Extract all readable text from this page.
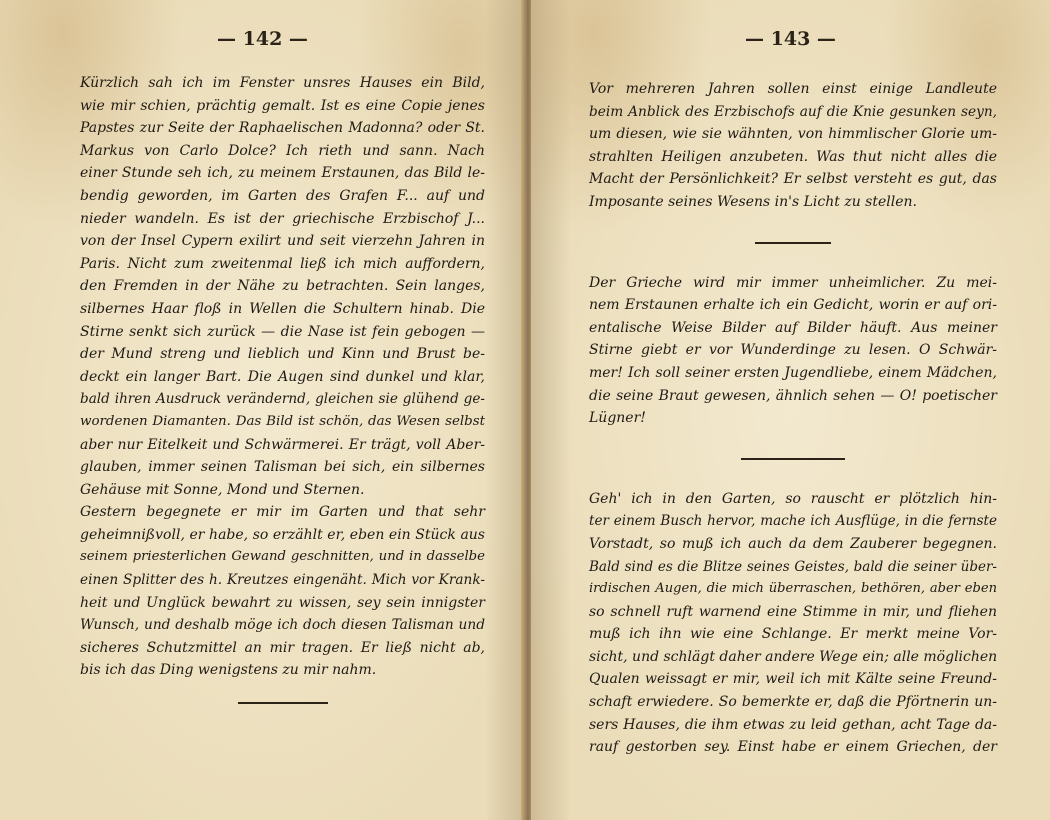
— 142 —
Kürzlich sah ich im Fenster unsres Hauses ein Bild,
wie mir schien, prächtig gemalt. Ist es eine Copie jenes
Papstes zur Seite der Raphaelischen Madonna? oder St.
Markus von Carlo Dolce? Ich rieth und sann. Nach
einer Stunde seh ich, zu meinem Erstaunen, das Bild le-
bendig geworden, im Garten des Grafen F... auf und
nieder wandeln. Es ist der griechische Erzbischof J...
von der Insel Cypern exilirt und seit vierzehn Jahren in
Paris. Nicht zum zweitenmal ließ ich mich auffordern,
den Fremden in der Nähe zu betrachten. Sein langes,
silbernes Haar floß in Wellen die Schultern hinab. Die
Stirne senkt sich zurück — die Nase ist fein gebogen —
der Mund streng und lieblich und Kinn und Brust be-
deckt ein langer Bart. Die Augen sind dunkel und klar,
bald ihren Ausdruck verändernd, gleichen sie glühend ge-
wordenen Diamanten. Das Bild ist schön, das Wesen selbst
aber nur Eitelkeit und Schwärmerei. Er trägt, voll Aber-
glauben, immer seinen Talisman bei sich, ein silbernes
Gehäuse mit Sonne, Mond und Sternen.
Gestern begegnete er mir im Garten und that sehr
geheimnißvoll, er habe, so erzählt er, eben ein Stück aus
seinem priesterlichen Gewand geschnitten, und in dasselbe
einen Splitter des h. Kreutzes eingenäht. Mich vor Krank-
heit und Unglück bewahrt zu wissen, sey sein innigster
Wunsch, und deshalb möge ich doch diesen Talisman und
sicheres Schutzmittel an mir tragen. Er ließ nicht ab,
bis ich das Ding wenigstens zu mir nahm.
— 143 —
Vor mehreren Jahren sollen einst einige Landleute
beim Anblick des Erzbischofs auf die Knie gesunken seyn,
um diesen, wie sie wähnten, von himmlischer Glorie um-
strahlten Heiligen anzubeten. Was thut nicht alles die
Macht der Persönlichkeit? Er selbst versteht es gut, das
Imposante seines Wesens in's Licht zu stellen.
Der Grieche wird mir immer unheimlicher. Zu mei-
nem Erstaunen erhalte ich ein Gedicht, worin er auf ori-
entalische Weise Bilder auf Bilder häuft. Aus meiner
Stirne giebt er vor Wunderdinge zu lesen. O Schwär-
mer! Ich soll seiner ersten Jugendliebe, einem Mädchen,
die seine Braut gewesen, ähnlich sehen — O! poetischer
Lügner!
Geh' ich in den Garten, so rauscht er plötzlich hin-
ter einem Busch hervor, mache ich Ausflüge, in die fernste
Vorstadt, so muß ich auch da dem Zauberer begegnen.
Bald sind es die Blitze seines Geistes, bald die seiner über-
irdischen Augen, die mich überraschen, bethören, aber eben
so schnell ruft warnend eine Stimme in mir, und fliehen
muß ich ihn wie eine Schlange. Er merkt meine Vor-
sicht, und schlägt daher andere Wege ein; alle möglichen
Qualen weissagt er mir, weil ich mit Kälte seine Freund-
schaft erwiedere. So bemerkte er, daß die Pförtnerin un-
sers Hauses, die ihm etwas zu leid gethan, acht Tage da-
rauf gestorben sey. Einst habe er einem Griechen, der
